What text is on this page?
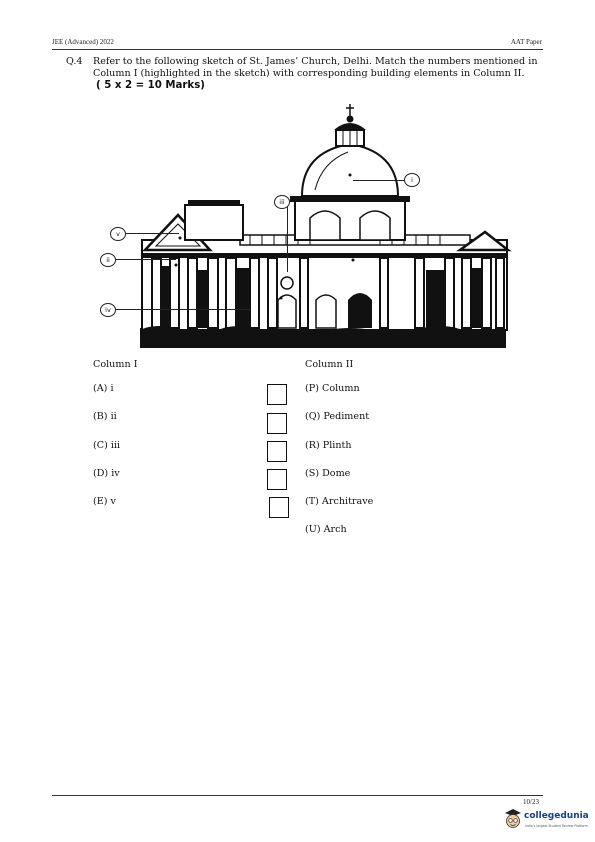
JEE (Advanced) 2022	AAT Paper
Q.4 Refer to the following sketch of St. James’ Church, Delhi. Match the numbers mentioned in
Column I (highlighted in the sketch) with corresponding building elements in Column II.
( 5 x 2 = 10 Marks)
i
ii
iii
iv
v
Column I	Column II
(A) i
(B) ii
(C) iii
(D) iv
(E) v
(P) Column
(Q) Pediment
(R) Plinth
(S) Dome
(T) Architrave
(U) Arch
10/23
collegedunia
India's largest Student Review Platform
